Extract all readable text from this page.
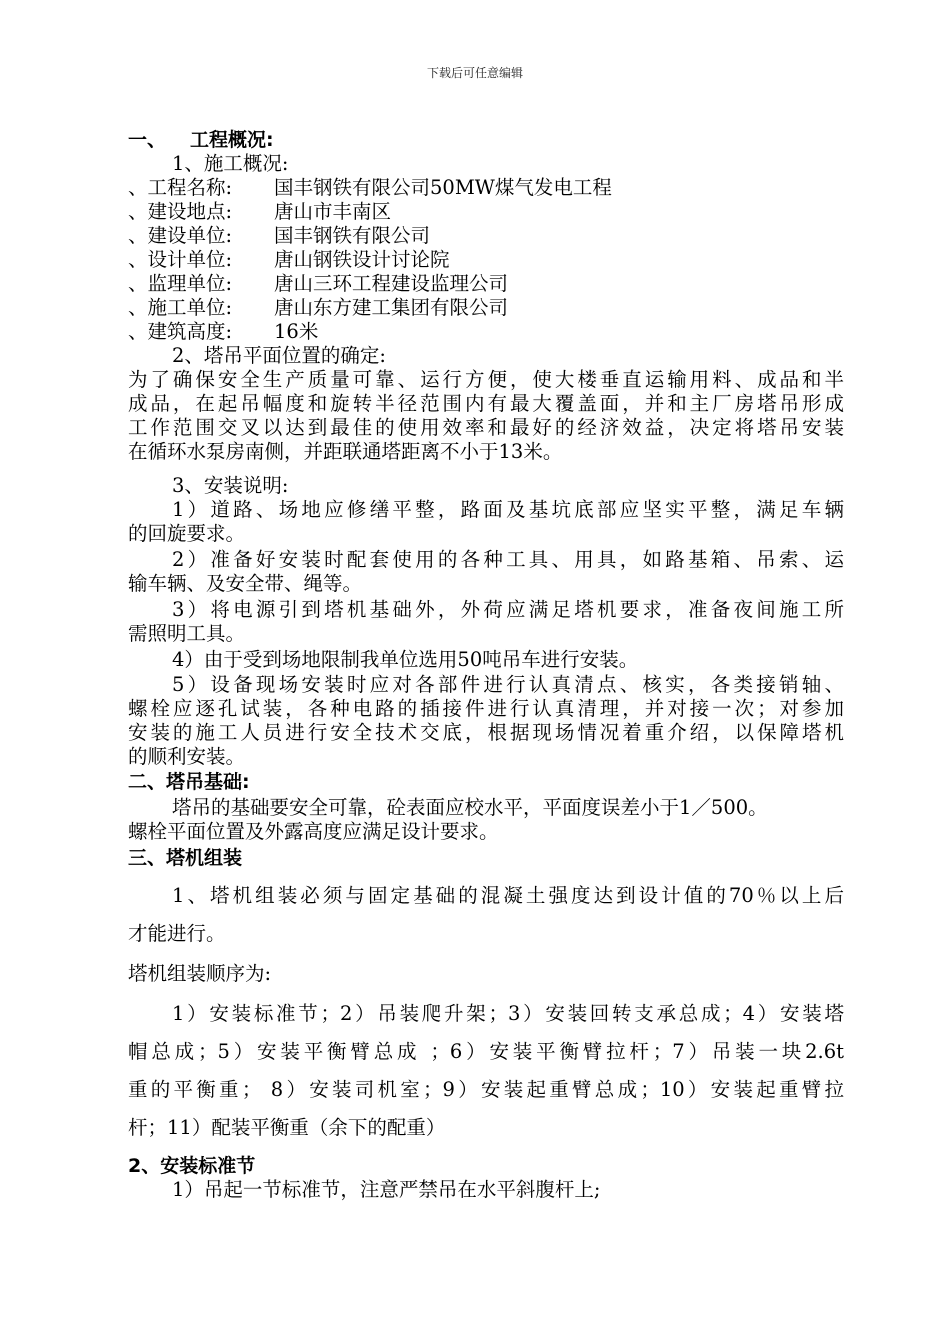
下载后可任意编辑
一、 工程概况:
1、施工概况:
、工程名称: 国丰钢铁有限公司50MW煤气发电工程
、建设地点: 唐山市丰南区
、建设单位: 国丰钢铁有限公司
、设计单位: 唐山钢铁设计讨论院
、监理单位: 唐山三环工程建设监理公司
、施工单位: 唐山东方建工集团有限公司
、建筑高度: 16米
2、塔吊平面位置的确定:
为了确保安全生产质量可靠、运行方便，使大楼垂直运输用料、成品和半
成品，在起吊幅度和旋转半径范围内有最大覆盖面，并和主厂房塔吊形成
工作范围交叉以达到最佳的使用效率和最好的经济效益，决定将塔吊安装
在循环水泵房南侧，并距联通塔距离不小于13米。
3、安装说明:
1）道路、场地应修缮平整，路面及基坑底部应坚实平整，满足车辆
的回旋要求。
2）准备好安装时配套使用的各种工具、用具，如路基箱、吊索、运
输车辆、及安全带、绳等。
3）将电源引到塔机基础外，外荷应满足塔机要求，准备夜间施工所
需照明工具。
4）由于受到场地限制我单位选用50吨吊车进行安装。
5）设备现场安装时应对各部件进行认真清点、核实，各类接销轴、
螺栓应逐孔试装，各种电路的插接件进行认真清理，并对接一次；对参加
安装的施工人员进行安全技术交底，根据现场情况着重介绍，以保障塔机
的顺利安装。
二、塔吊基础:
塔吊的基础要安全可靠，砼表面应校水平，平面度误差小于1／500。
螺栓平面位置及外露高度应满足设计要求。
三、塔机组装
1、塔机组装必须与固定基础的混凝土强度达到设计值的70％以上后
才能进行。
塔机组装顺序为:
1）安装标准节；2）吊装爬升架；3）安装回转支承总成；4）安装塔
帽总成；5）安装平衡臂总成 ；6）安装平衡臂拉杆；7）吊装一块2.6t
重的平衡重； 8）安装司机室；9）安装起重臂总成；10）安装起重臂拉
杆；11）配装平衡重（余下的配重）
2、安装标准节
1）吊起一节标准节，注意严禁吊在水平斜腹杆上;
